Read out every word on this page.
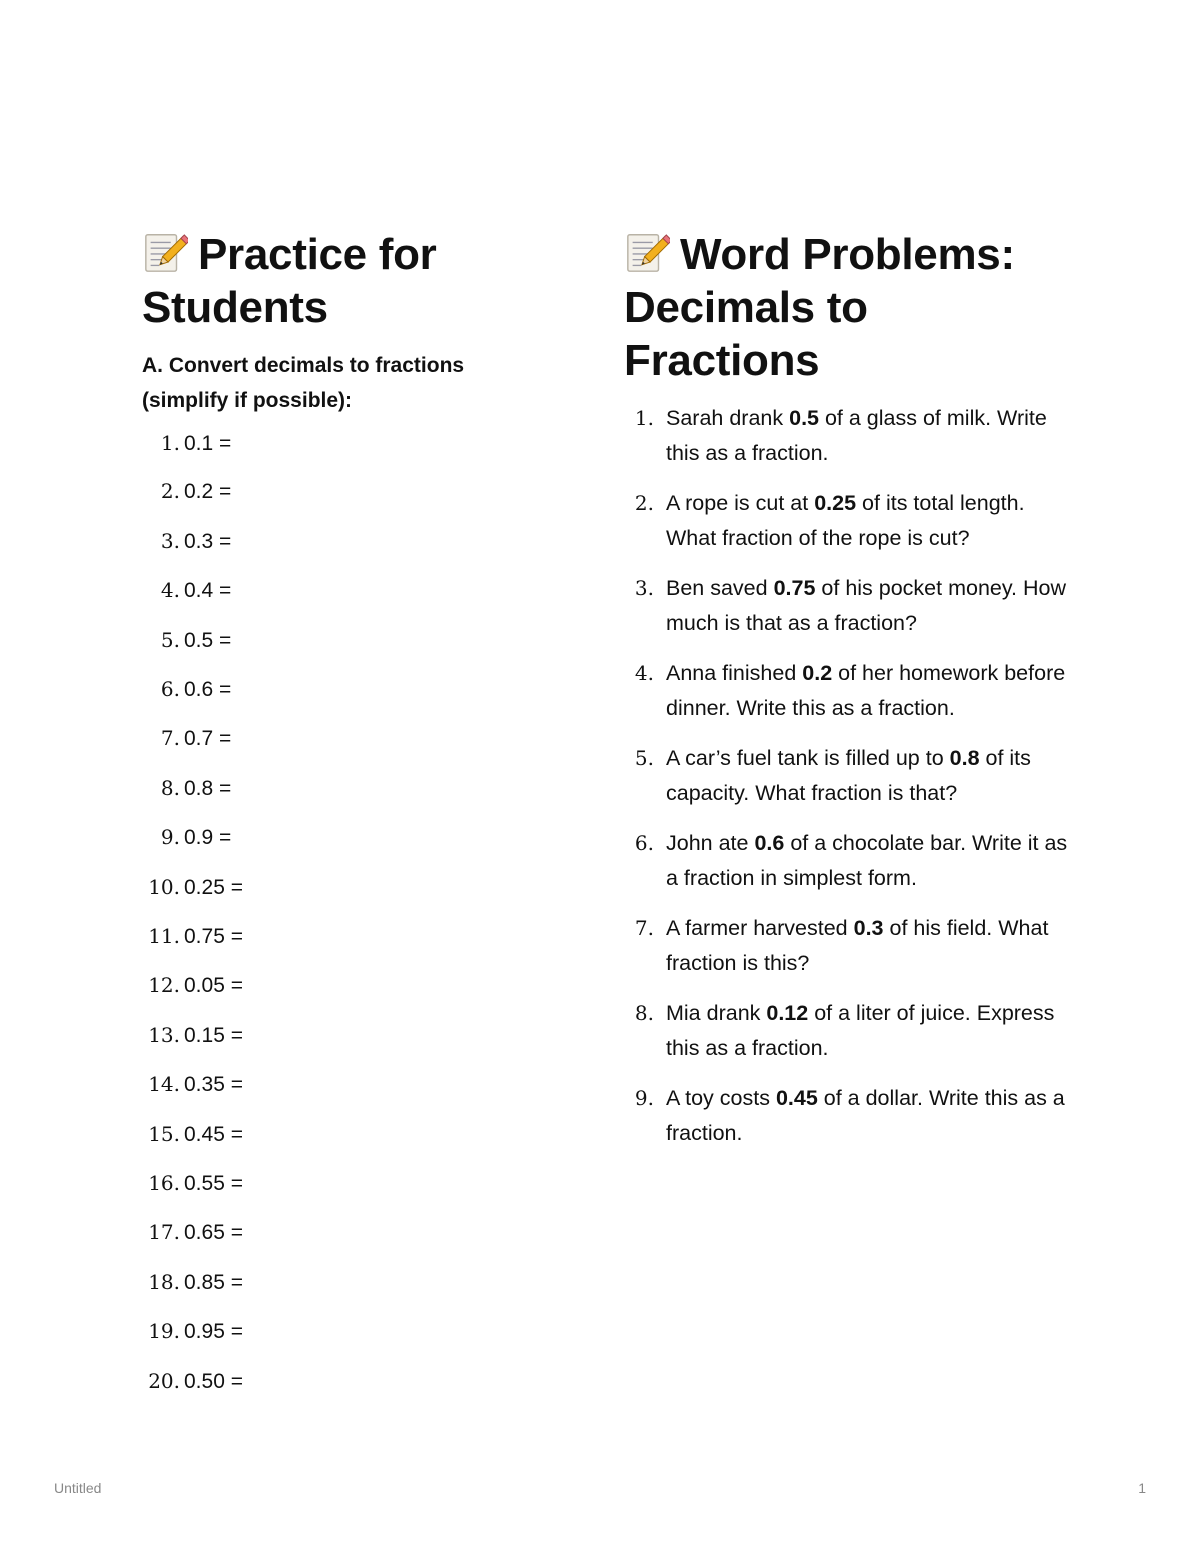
Practice for Students
A. Convert decimals to fractions (simplify if possible):
1. 0.1 =
2. 0.2 =
3. 0.3 =
4. 0.4 =
5. 0.5 =
6. 0.6 =
7. 0.7 =
8. 0.8 =
9. 0.9 =
10. 0.25 =
11. 0.75 =
12. 0.05 =
13. 0.15 =
14. 0.35 =
15. 0.45 =
16. 0.55 =
17. 0.65 =
18. 0.85 =
19. 0.95 =
20. 0.50 =
Word Problems: Decimals to Fractions
1. Sarah drank 0.5 of a glass of milk. Write this as a fraction.
2. A rope is cut at 0.25 of its total length. What fraction of the rope is cut?
3. Ben saved 0.75 of his pocket money. How much is that as a fraction?
4. Anna finished 0.2 of her homework before dinner. Write this as a fraction.
5. A car’s fuel tank is filled up to 0.8 of its capacity. What fraction is that?
6. John ate 0.6 of a chocolate bar. Write it as a fraction in simplest form.
7. A farmer harvested 0.3 of his field. What fraction is this?
8. Mia drank 0.12 of a liter of juice. Express this as a fraction.
9. A toy costs 0.45 of a dollar. Write this as a fraction.
Untitled	1
